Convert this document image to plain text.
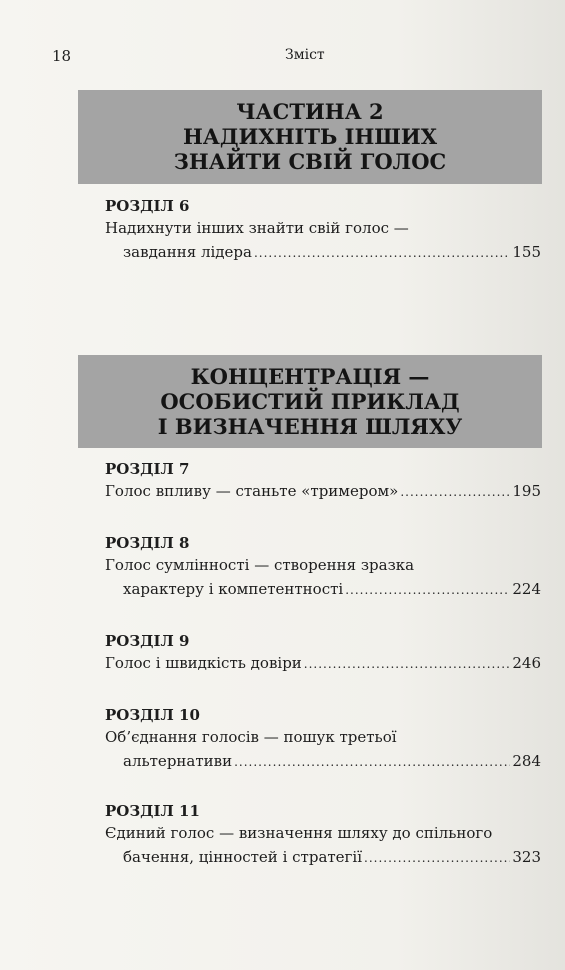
18	Зміст
ЧАСТИНА 2
НАДИХНІТЬ ІНШИХ
ЗНАЙТИ СВІЙ ГОЛОС
РОЗДІЛ 6
Надихнути інших знайти свій голос —
завдання лідера .....	155
КОНЦЕНТРАЦІЯ —
ОСОБИСТИЙ ПРИКЛАД
І ВИЗНАЧЕННЯ ШЛЯХУ
РОЗДІЛ 7
Голос впливу — станьте «тримером» .....	195
РОЗДІЛ 8
Голос сумлінності — створення зразка
характеру і компетентності .....	224
РОЗДІЛ 9
Голос і швидкість довіри .....	246
РОЗДІЛ 10
Об’єднання голосів — пошук третьої
альтернативи .....	284
РОЗДІЛ 11
Єдиний голос — визначення шляху до спільного
бачення, цінностей і стратегії .....	323
